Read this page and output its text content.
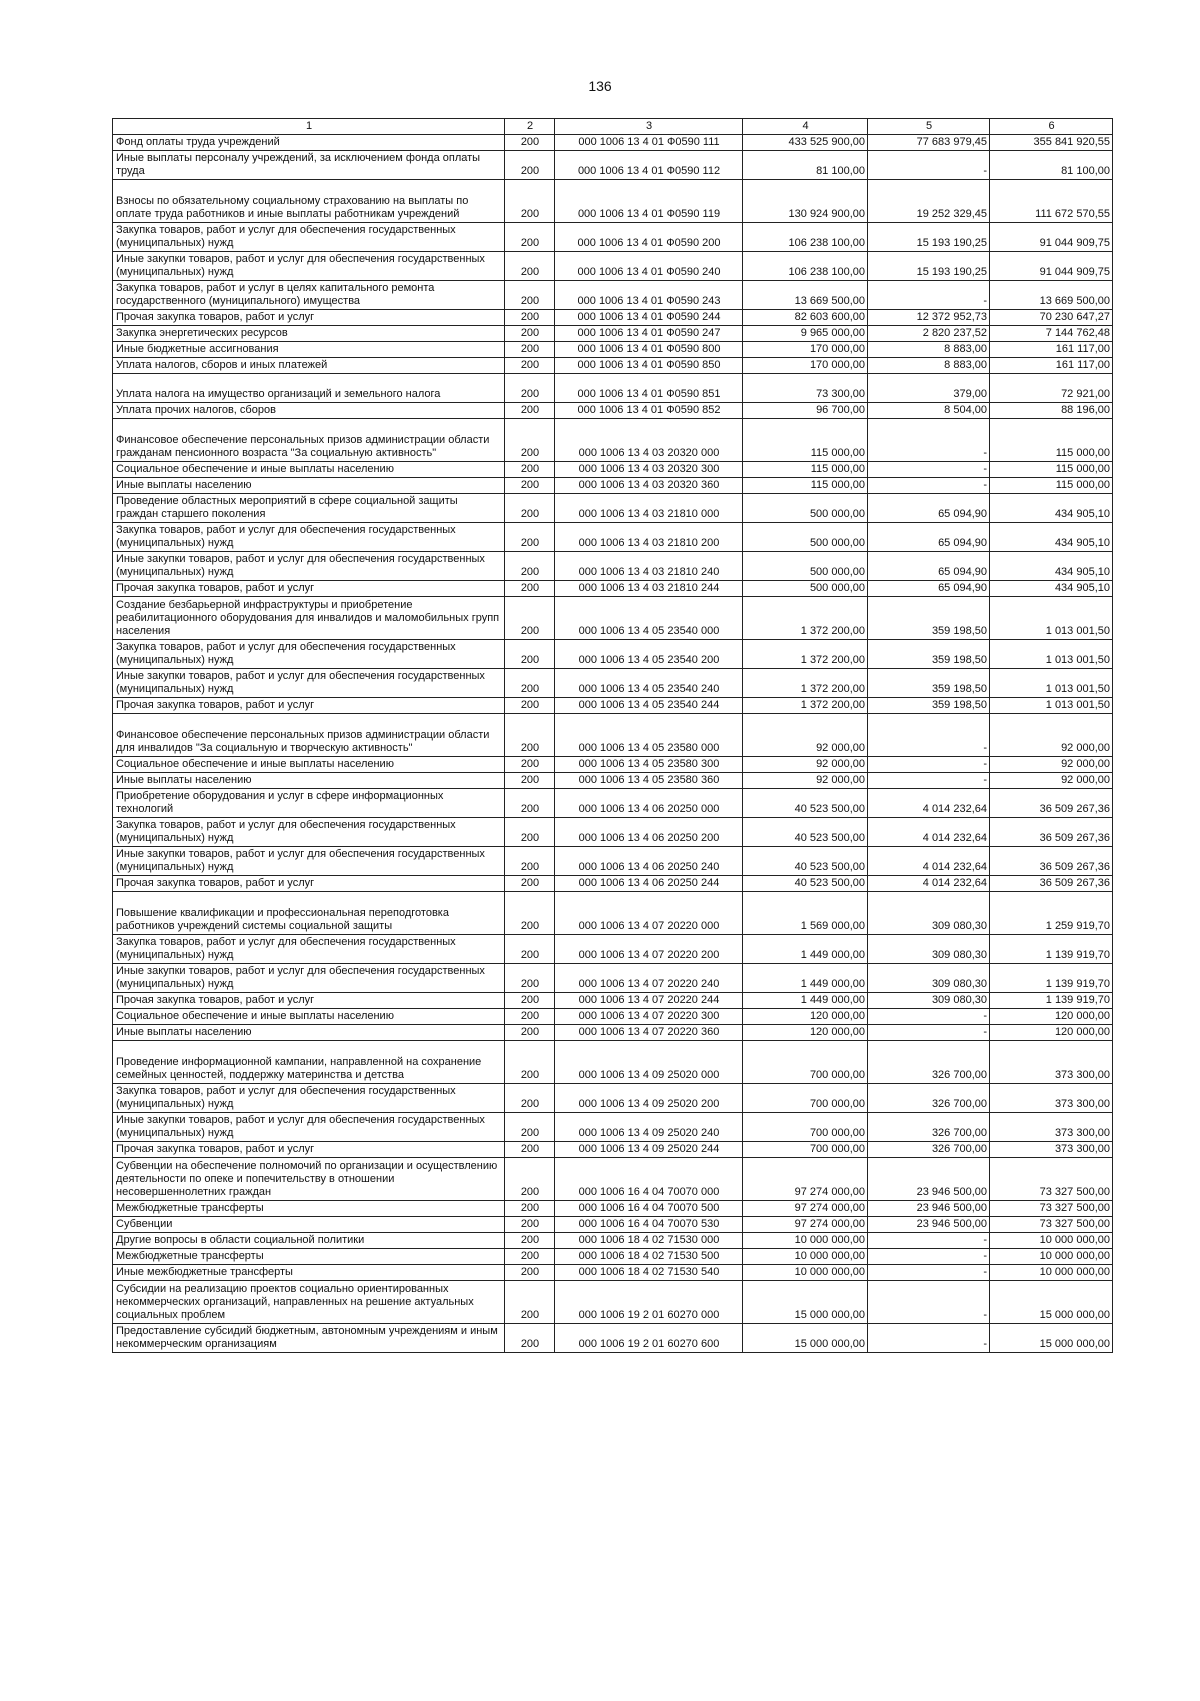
136
1	2	3	4	5	6
Фонд оплаты труда учреждений	200	000 1006 13 4 01 Ф0590 111	433 525 900,00	77 683 979,45	355 841 920,55
Иные выплаты персоналу учреждений, за исключением фонда оплаты труда	200	000 1006 13 4 01 Ф0590 112	81 100,00	-	81 100,00
Взносы по обязательному социальному страхованию на выплаты по оплате труда работников и иные выплаты работникам учреждений	200	000 1006 13 4 01 Ф0590 119	130 924 900,00	19 252 329,45	111 672 570,55
Закупка товаров, работ и услуг для обеспечения государственных (муниципальных) нужд	200	000 1006 13 4 01 Ф0590 200	106 238 100,00	15 193 190,25	91 044 909,75
Иные закупки товаров, работ и услуг для обеспечения государственных (муниципальных) нужд	200	000 1006 13 4 01 Ф0590 240	106 238 100,00	15 193 190,25	91 044 909,75
Закупка товаров, работ и услуг в целях капитального ремонта государственного (муниципального) имущества	200	000 1006 13 4 01 Ф0590 243	13 669 500,00	-	13 669 500,00
Прочая закупка товаров, работ и услуг	200	000 1006 13 4 01 Ф0590 244	82 603 600,00	12 372 952,73	70 230 647,27
Закупка энергетических ресурсов	200	000 1006 13 4 01 Ф0590 247	9 965 000,00	2 820 237,52	7 144 762,48
Иные бюджетные ассигнования	200	000 1006 13 4 01 Ф0590 800	170 000,00	8 883,00	161 117,00
Уплата налогов, сборов и иных платежей	200	000 1006 13 4 01 Ф0590 850	170 000,00	8 883,00	161 117,00
Уплата налога на имущество организаций и земельного налога	200	000 1006 13 4 01 Ф0590 851	73 300,00	379,00	72 921,00
Уплата прочих налогов, сборов	200	000 1006 13 4 01 Ф0590 852	96 700,00	8 504,00	88 196,00
Финансовое обеспечение персональных призов администрации области гражданам пенсионного возраста "За социальную активность"	200	000 1006 13 4 03 20320 000	115 000,00	-	115 000,00
Социальное обеспечение и иные выплаты населению	200	000 1006 13 4 03 20320 300	115 000,00	-	115 000,00
Иные выплаты населению	200	000 1006 13 4 03 20320 360	115 000,00	-	115 000,00
Проведение областных мероприятий в сфере социальной защиты граждан старшего поколения	200	000 1006 13 4 03 21810 000	500 000,00	65 094,90	434 905,10
Закупка товаров, работ и услуг для обеспечения государственных (муниципальных) нужд	200	000 1006 13 4 03 21810 200	500 000,00	65 094,90	434 905,10
Иные закупки товаров, работ и услуг для обеспечения государственных (муниципальных) нужд	200	000 1006 13 4 03 21810 240	500 000,00	65 094,90	434 905,10
Прочая закупка товаров, работ и услуг	200	000 1006 13 4 03 21810 244	500 000,00	65 094,90	434 905,10
Создание безбарьерной инфраструктуры и приобретение реабилитационного оборудования для инвалидов и маломобильных групп населения	200	000 1006 13 4 05 23540 000	1 372 200,00	359 198,50	1 013 001,50
Закупка товаров, работ и услуг для обеспечения государственных (муниципальных) нужд	200	000 1006 13 4 05 23540 200	1 372 200,00	359 198,50	1 013 001,50
Иные закупки товаров, работ и услуг для обеспечения государственных (муниципальных) нужд	200	000 1006 13 4 05 23540 240	1 372 200,00	359 198,50	1 013 001,50
Прочая закупка товаров, работ и услуг	200	000 1006 13 4 05 23540 244	1 372 200,00	359 198,50	1 013 001,50
Финансовое обеспечение персональных призов администрации области для инвалидов "За социальную и творческую активность"	200	000 1006 13 4 05 23580 000	92 000,00	-	92 000,00
Социальное обеспечение и иные выплаты населению	200	000 1006 13 4 05 23580 300	92 000,00	-	92 000,00
Иные выплаты населению	200	000 1006 13 4 05 23580 360	92 000,00	-	92 000,00
Приобретение оборудования и услуг в сфере информационных технологий	200	000 1006 13 4 06 20250 000	40 523 500,00	4 014 232,64	36 509 267,36
Закупка товаров, работ и услуг для обеспечения государственных (муниципальных) нужд	200	000 1006 13 4 06 20250 200	40 523 500,00	4 014 232,64	36 509 267,36
Иные закупки товаров, работ и услуг для обеспечения государственных (муниципальных) нужд	200	000 1006 13 4 06 20250 240	40 523 500,00	4 014 232,64	36 509 267,36
Прочая закупка товаров, работ и услуг	200	000 1006 13 4 06 20250 244	40 523 500,00	4 014 232,64	36 509 267,36
Повышение квалификации и профессиональная переподготовка работников учреждений системы социальной защиты	200	000 1006 13 4 07 20220 000	1 569 000,00	309 080,30	1 259 919,70
Закупка товаров, работ и услуг для обеспечения государственных (муниципальных) нужд	200	000 1006 13 4 07 20220 200	1 449 000,00	309 080,30	1 139 919,70
Иные закупки товаров, работ и услуг для обеспечения государственных (муниципальных) нужд	200	000 1006 13 4 07 20220 240	1 449 000,00	309 080,30	1 139 919,70
Прочая закупка товаров, работ и услуг	200	000 1006 13 4 07 20220 244	1 449 000,00	309 080,30	1 139 919,70
Социальное обеспечение и иные выплаты населению	200	000 1006 13 4 07 20220 300	120 000,00	-	120 000,00
Иные выплаты населению	200	000 1006 13 4 07 20220 360	120 000,00	-	120 000,00
Проведение информационной кампании, направленной на сохранение семейных ценностей, поддержку материнства и детства	200	000 1006 13 4 09 25020 000	700 000,00	326 700,00	373 300,00
Закупка товаров, работ и услуг для обеспечения государственных (муниципальных) нужд	200	000 1006 13 4 09 25020 200	700 000,00	326 700,00	373 300,00
Иные закупки товаров, работ и услуг для обеспечения государственных (муниципальных) нужд	200	000 1006 13 4 09 25020 240	700 000,00	326 700,00	373 300,00
Прочая закупка товаров, работ и услуг	200	000 1006 13 4 09 25020 244	700 000,00	326 700,00	373 300,00
Субвенции на обеспечение полномочий по организации и осуществлению деятельности по опеке и попечительству в отношении несовершеннолетних граждан	200	000 1006 16 4 04 70070 000	97 274 000,00	23 946 500,00	73 327 500,00
Межбюджетные трансферты	200	000 1006 16 4 04 70070 500	97 274 000,00	23 946 500,00	73 327 500,00
Субвенции	200	000 1006 16 4 04 70070 530	97 274 000,00	23 946 500,00	73 327 500,00
Другие вопросы в области социальной политики	200	000 1006 18 4 02 71530 000	10 000 000,00	-	10 000 000,00
Межбюджетные трансферты	200	000 1006 18 4 02 71530 500	10 000 000,00	-	10 000 000,00
Иные межбюджетные трансферты	200	000 1006 18 4 02 71530 540	10 000 000,00	-	10 000 000,00
Субсидии на реализацию проектов социально ориентированных некоммерческих организаций, направленных на решение актуальных социальных проблем	200	000 1006 19 2 01 60270 000	15 000 000,00	-	15 000 000,00
Предоставление субсидий бюджетным, автономным учреждениям и иным некоммерческим организациям	200	000 1006 19 2 01 60270 600	15 000 000,00	-	15 000 000,00
